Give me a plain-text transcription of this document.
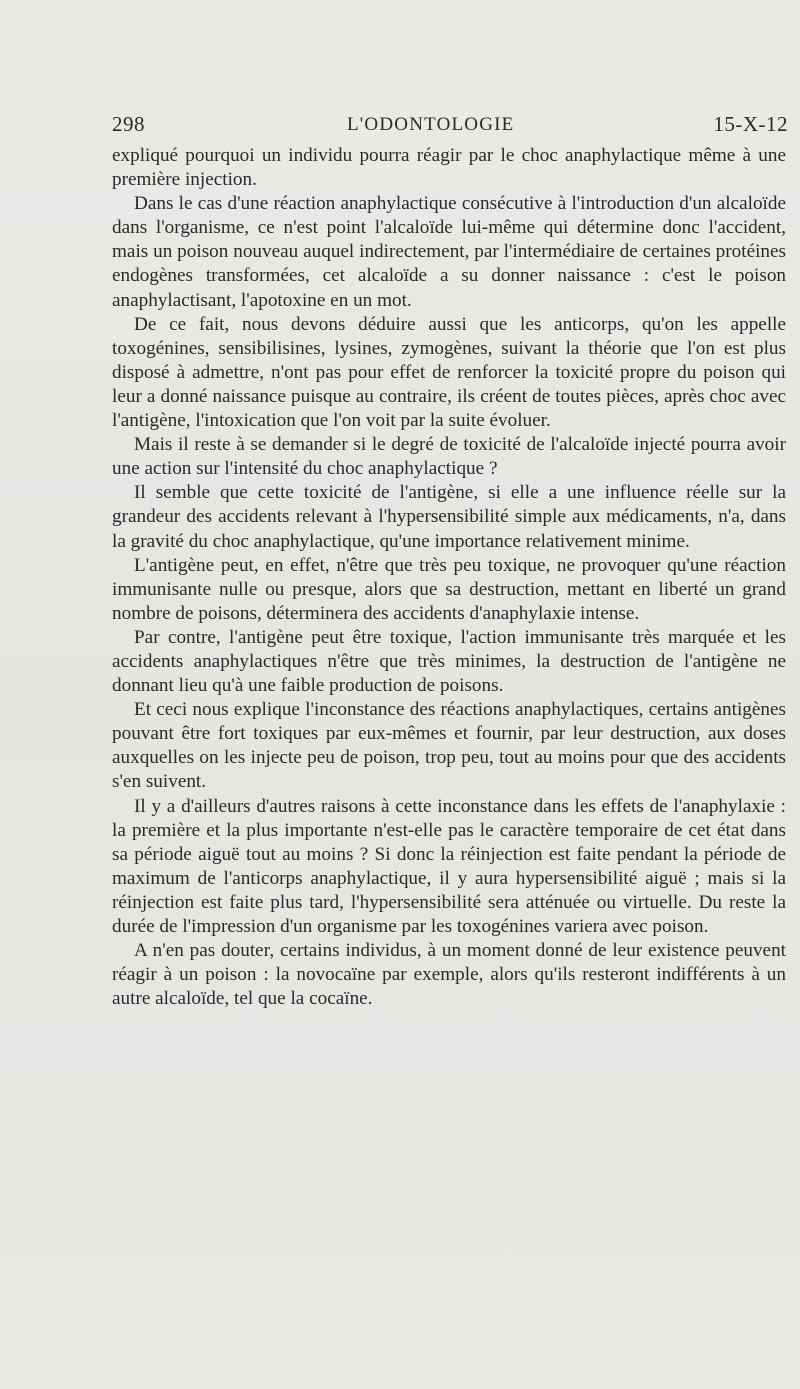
298	L'ODONTOLOGIE	15-X-12

expliqué pourquoi un individu pourra réagir par le choc anaphylactique même à une première injection.

Dans le cas d'une réaction anaphylactique consécutive à l'introduction d'un alcaloïde dans l'organisme, ce n'est point l'alcaloïde lui-même qui détermine donc l'accident, mais un poison nouveau auquel indirectement, par l'intermédiaire de certaines protéines endogènes transformées, cet alcaloïde a su donner naissance : c'est le poison anaphylactisant, l'apotoxine en un mot.

De ce fait, nous devons déduire aussi que les anticorps, qu'on les appelle toxogénines, sensibilisines, lysines, zymogènes, suivant la théorie que l'on est plus disposé à admettre, n'ont pas pour effet de renforcer la toxicité propre du poison qui leur a donné naissance puisque au contraire, ils créent de toutes pièces, après choc avec l'antigène, l'intoxication que l'on voit par la suite évoluer.

Mais il reste à se demander si le degré de toxicité de l'alcaloïde injecté pourra avoir une action sur l'intensité du choc anaphylactique ?

Il semble que cette toxicité de l'antigène, si elle a une influence réelle sur la grandeur des accidents relevant à l'hypersensibilité simple aux médicaments, n'a, dans la gravité du choc anaphylactique, qu'une importance relativement minime.

L'antigène peut, en effet, n'être que très peu toxique, ne provoquer qu'une réaction immunisante nulle ou presque, alors que sa destruction, mettant en liberté un grand nombre de poisons, déterminera des accidents d'anaphylaxie intense.

Par contre, l'antigène peut être toxique, l'action immunisante très marquée et les accidents anaphylactiques n'être que très minimes, la destruction de l'antigène ne donnant lieu qu'à une faible production de poisons.

Et ceci nous explique l'inconstance des réactions anaphylactiques, certains antigènes pouvant être fort toxiques par eux-mêmes et fournir, par leur destruction, aux doses auxquelles on les injecte peu de poison, trop peu, tout au moins pour que des accidents s'en suivent.

Il y a d'ailleurs d'autres raisons à cette inconstance dans les effets de l'anaphylaxie : la première et la plus importante n'est-elle pas le caractère temporaire de cet état dans sa période aiguë tout au moins ? Si donc la réinjection est faite pendant la période de maximum de l'anticorps anaphylactique, il y aura hypersensibilité aiguë ; mais si la réinjection est faite plus tard, l'hypersensibilité sera atténuée ou virtuelle. Du reste la durée de l'impression d'un organisme par les toxogénines variera avec poison.

A n'en pas douter, certains individus, à un moment donné de leur existence peuvent réagir à un poison : la novocaïne par exemple, alors qu'ils resteront indifférents à un autre alcaloïde, tel que la cocaïne.
